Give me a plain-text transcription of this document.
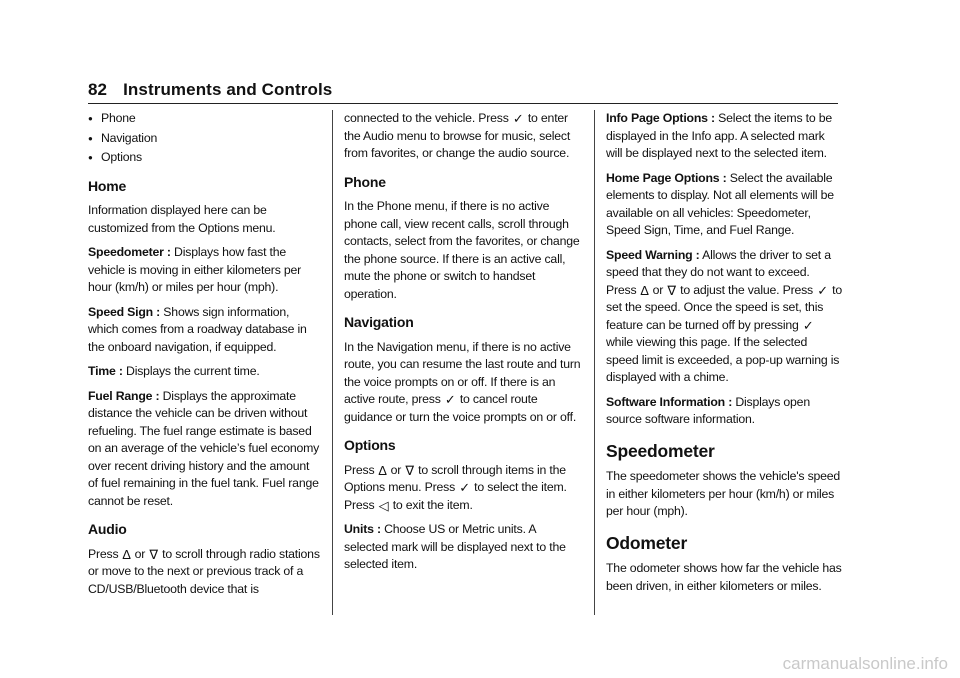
82 Instruments and Controls
● Phone
● Navigation
● Options
Home

Information displayed here can be customized from the Options menu.

Speedometer : Displays how fast the vehicle is moving in either kilometers per hour (km/h) or miles per hour (mph).

Speed Sign : Shows sign information, which comes from a roadway database in the onboard navigation, if equipped.

Time : Displays the current time.

Fuel Range : Displays the approximate distance the vehicle can be driven without refueling. The fuel range estimate is based on an average of the vehicle’s fuel economy over recent driving history and the amount of fuel remaining in the fuel tank. Fuel range cannot be reset.

Audio

Press ∆ or ∇ to scroll through radio stations or move to the next or previous track of a CD/USB/Bluetooth device that is

connected to the vehicle. Press ✓ to enter the Audio menu to browse for music, select from favorites, or change the audio source.

Phone

In the Phone menu, if there is no active phone call, view recent calls, scroll through contacts, select from the favorites, or change the phone source. If there is an active call, mute the phone or switch to handset operation.

Navigation

In the Navigation menu, if there is no active route, you can resume the last route and turn the voice prompts on or off. If there is an active route, press ✓ to cancel route guidance or turn the voice prompts on or off.

Options

Press ∆ or ∇ to scroll through items in the Options menu. Press ✓ to select the item. Press ◁ to exit the item.

Units : Choose US or Metric units. A selected mark will be displayed next to the selected item.

Info Page Options : Select the items to be displayed in the Info app. A selected mark will be displayed next to the selected item.

Home Page Options : Select the available elements to display. Not all elements will be available on all vehicles: Speedometer, Speed Sign, Time, and Fuel Range.

Speed Warning : Allows the driver to set a speed that they do not want to exceed. Press ∆ or ∇ to adjust the value. Press ✓ to set the speed. Once the speed is set, this feature can be turned off by pressing ✓ while viewing this page. If the selected speed limit is exceeded, a pop-up warning is displayed with a chime.

Software Information : Displays open source software information.

Speedometer

The speedometer shows the vehicle's speed in either kilometers per hour (km/h) or miles per hour (mph).

Odometer

The odometer shows how far the vehicle has been driven, in either kilometers or miles.

carmanualsonline.info
